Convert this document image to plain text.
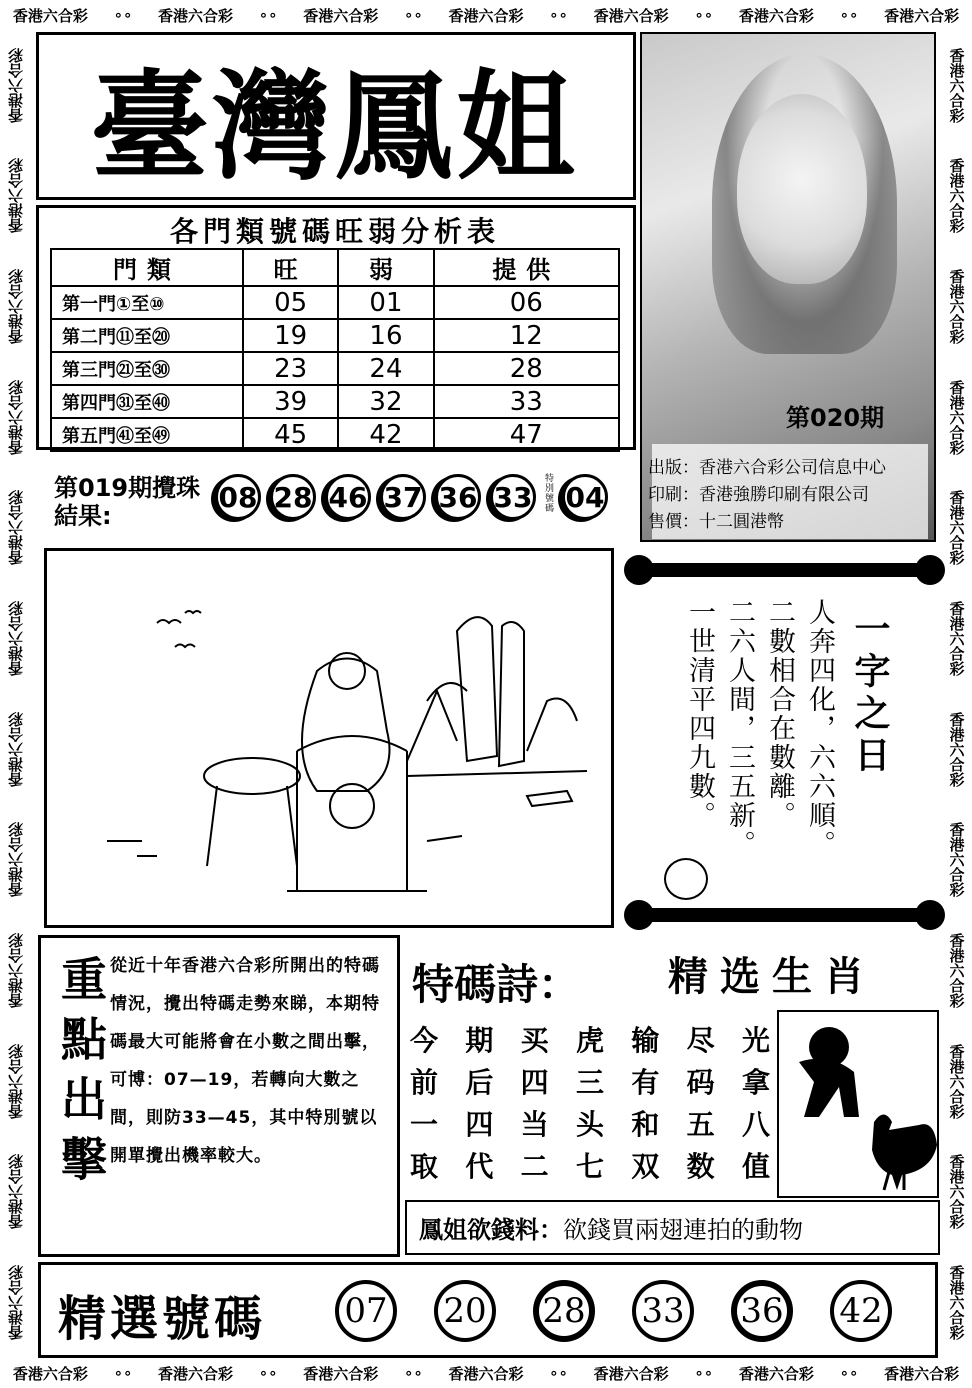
香港六合彩 ∘∘ 香港六合彩 ∘∘ 香港六合彩 ∘∘ 香港六合彩 ∘∘ 香港六合彩 ∘∘ 香港六合彩 ∘∘ 香港六合彩
香港六合彩 ∘∘ 香港六合彩 ∘∘ 香港六合彩 ∘∘ 香港六合彩 ∘∘ 香港六合彩 ∘∘ 香港六合彩 ∘∘ 香港六合彩
香港六合彩
香港六合彩
香港六合彩
香港六合彩
香港六合彩
香港六合彩
香港六合彩
香港六合彩
香港六合彩
香港六合彩
香港六合彩
香港六合彩
香港六合彩
香港六合彩
香港六合彩
香港六合彩
香港六合彩
香港六合彩
香港六合彩
香港六合彩
香港六合彩
香港六合彩
香港六合彩
香港六合彩
臺灣鳳姐
各門類號碼旺弱分析表
門類	旺	弱	提供
第一門①至⑩	05	01	06
第二門⑪至⑳	19	16	12
第三門㉑至㉚	23	24	28
第四門㉛至㊵	39	32	33
第五門㊶至㊾	45	42	47
第020期
出版：香港六合彩公司信息中心
印刷：香港強勝印刷有限公司
售價：十二圓港幣
第019期攪珠結果:
08 28 46 37 36 33
特別號碼 04
一字之日
人奔四化，六六順。
二數相合在數離。
二六人間，三五新。
一世清平四九數。
重點出擊 從近十年香港六合彩所開出的特碼情況，攪出特碼走勢來睇，本期特碼最大可能將會在小數之間出擊，可博：07—19，若轉向大數之間，則防33—45，其中特別號以開單攪出機率較大。
特碼詩： 精选生肖
今 期 买 虎 输 尽 光
前 后 四 三 有 码 拿
一 四 当 头 和 五 八
取 代 二 七 双 数 值
鳳姐欲錢料： 欲錢買兩翅連拍的動物
精選號碼 07 20 28 33 36 42
